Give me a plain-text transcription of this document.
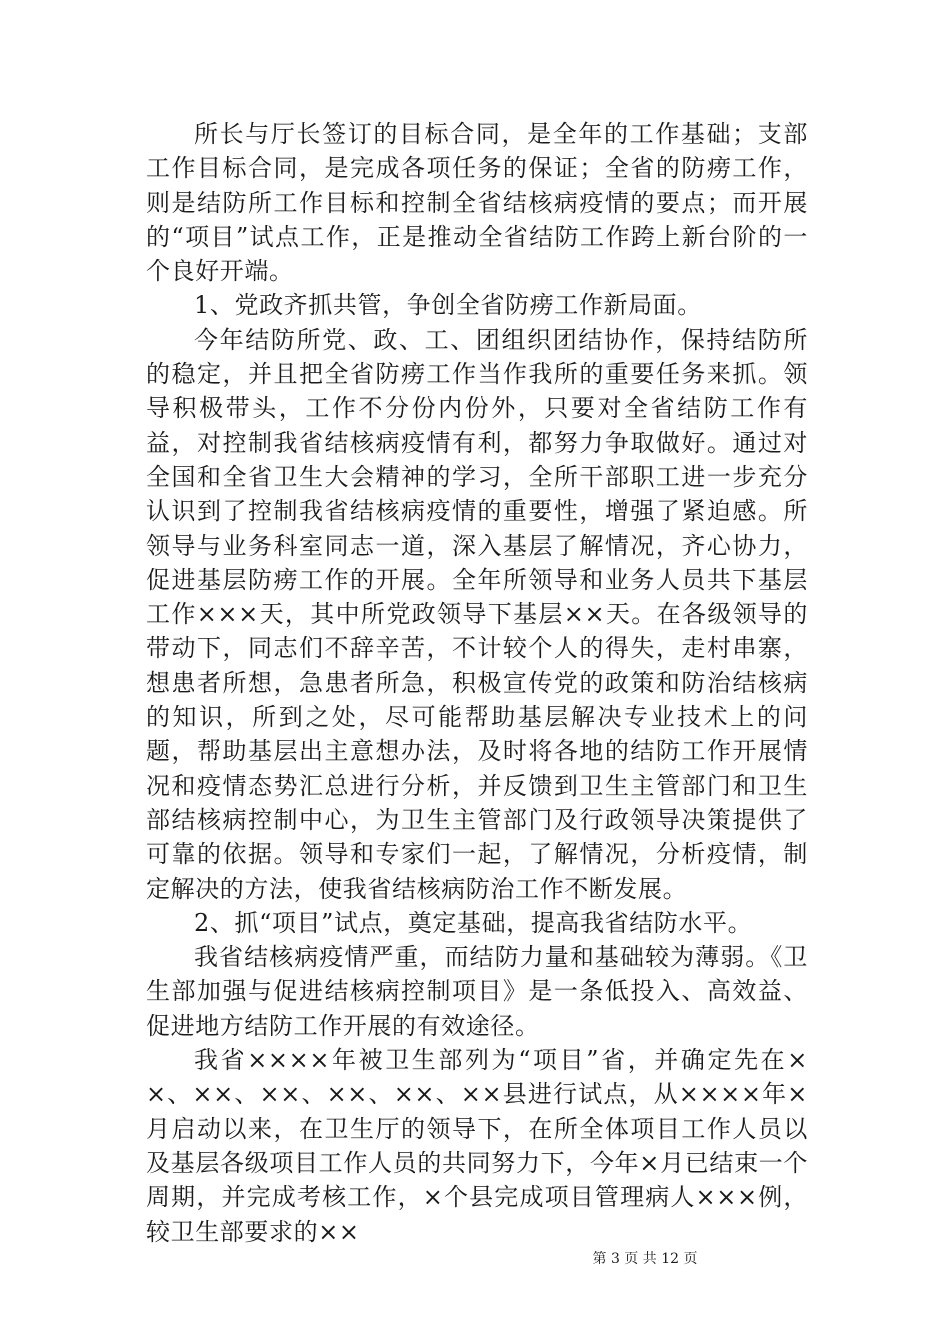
所长与厅长签订的目标合同，是全年的工作基础；支部工作目标合同，是完成各项任务的保证；全省的防痨工作，则是结防所工作目标和控制全省结核病疫情的要点；而开展的“项目”试点工作，正是推动全省结防工作跨上新台阶的一个良好开端。

1、党政齐抓共管，争创全省防痨工作新局面。

今年结防所党、政、工、团组织团结协作，保持结防所的稳定，并且把全省防痨工作当作我所的重要任务来抓。领导积极带头，工作不分份内份外，只要对全省结防工作有益，对控制我省结核病疫情有利，都努力争取做好。通过对全国和全省卫生大会精神的学习，全所干部职工进一步充分认识到了控制我省结核病疫情的重要性，增强了紧迫感。所领导与业务科室同志一道，深入基层了解情况，齐心协力，促进基层防痨工作的开展。全年所领导和业务人员共下基层工作×××天，其中所党政领导下基层××天。在各级领导的带动下，同志们不辞辛苦，不计较个人的得失，走村串寨，想患者所想，急患者所急，积极宣传党的政策和防治结核病的知识，所到之处，尽可能帮助基层解决专业技术上的问题，帮助基层出主意想办法，及时将各地的结防工作开展情况和疫情态势汇总进行分析，并反馈到卫生主管部门和卫生部结核病控制中心，为卫生主管部门及行政领导决策提供了可靠的依据。领导和专家们一起，了解情况，分析疫情，制定解决的方法，使我省结核病防治工作不断发展。

2、抓“项目”试点，奠定基础，提高我省结防水平。

我省结核病疫情严重，而结防力量和基础较为薄弱。《卫生部加强与促进结核病控制项目》是一条低投入、高效益、促进地方结防工作开展的有效途径。

我省××××年被卫生部列为“项目”省，并确定先在××、××、××、××、××、××县进行试点，从××××年×月启动以来，在卫生厅的领导下，在所全体项目工作人员以及基层各级项目工作人员的共同努力下，今年×月已结束一个周期，并完成考核工作，×个县完成项目管理病人×××例，较卫生部要求的××

第 3 页 共 12 页
